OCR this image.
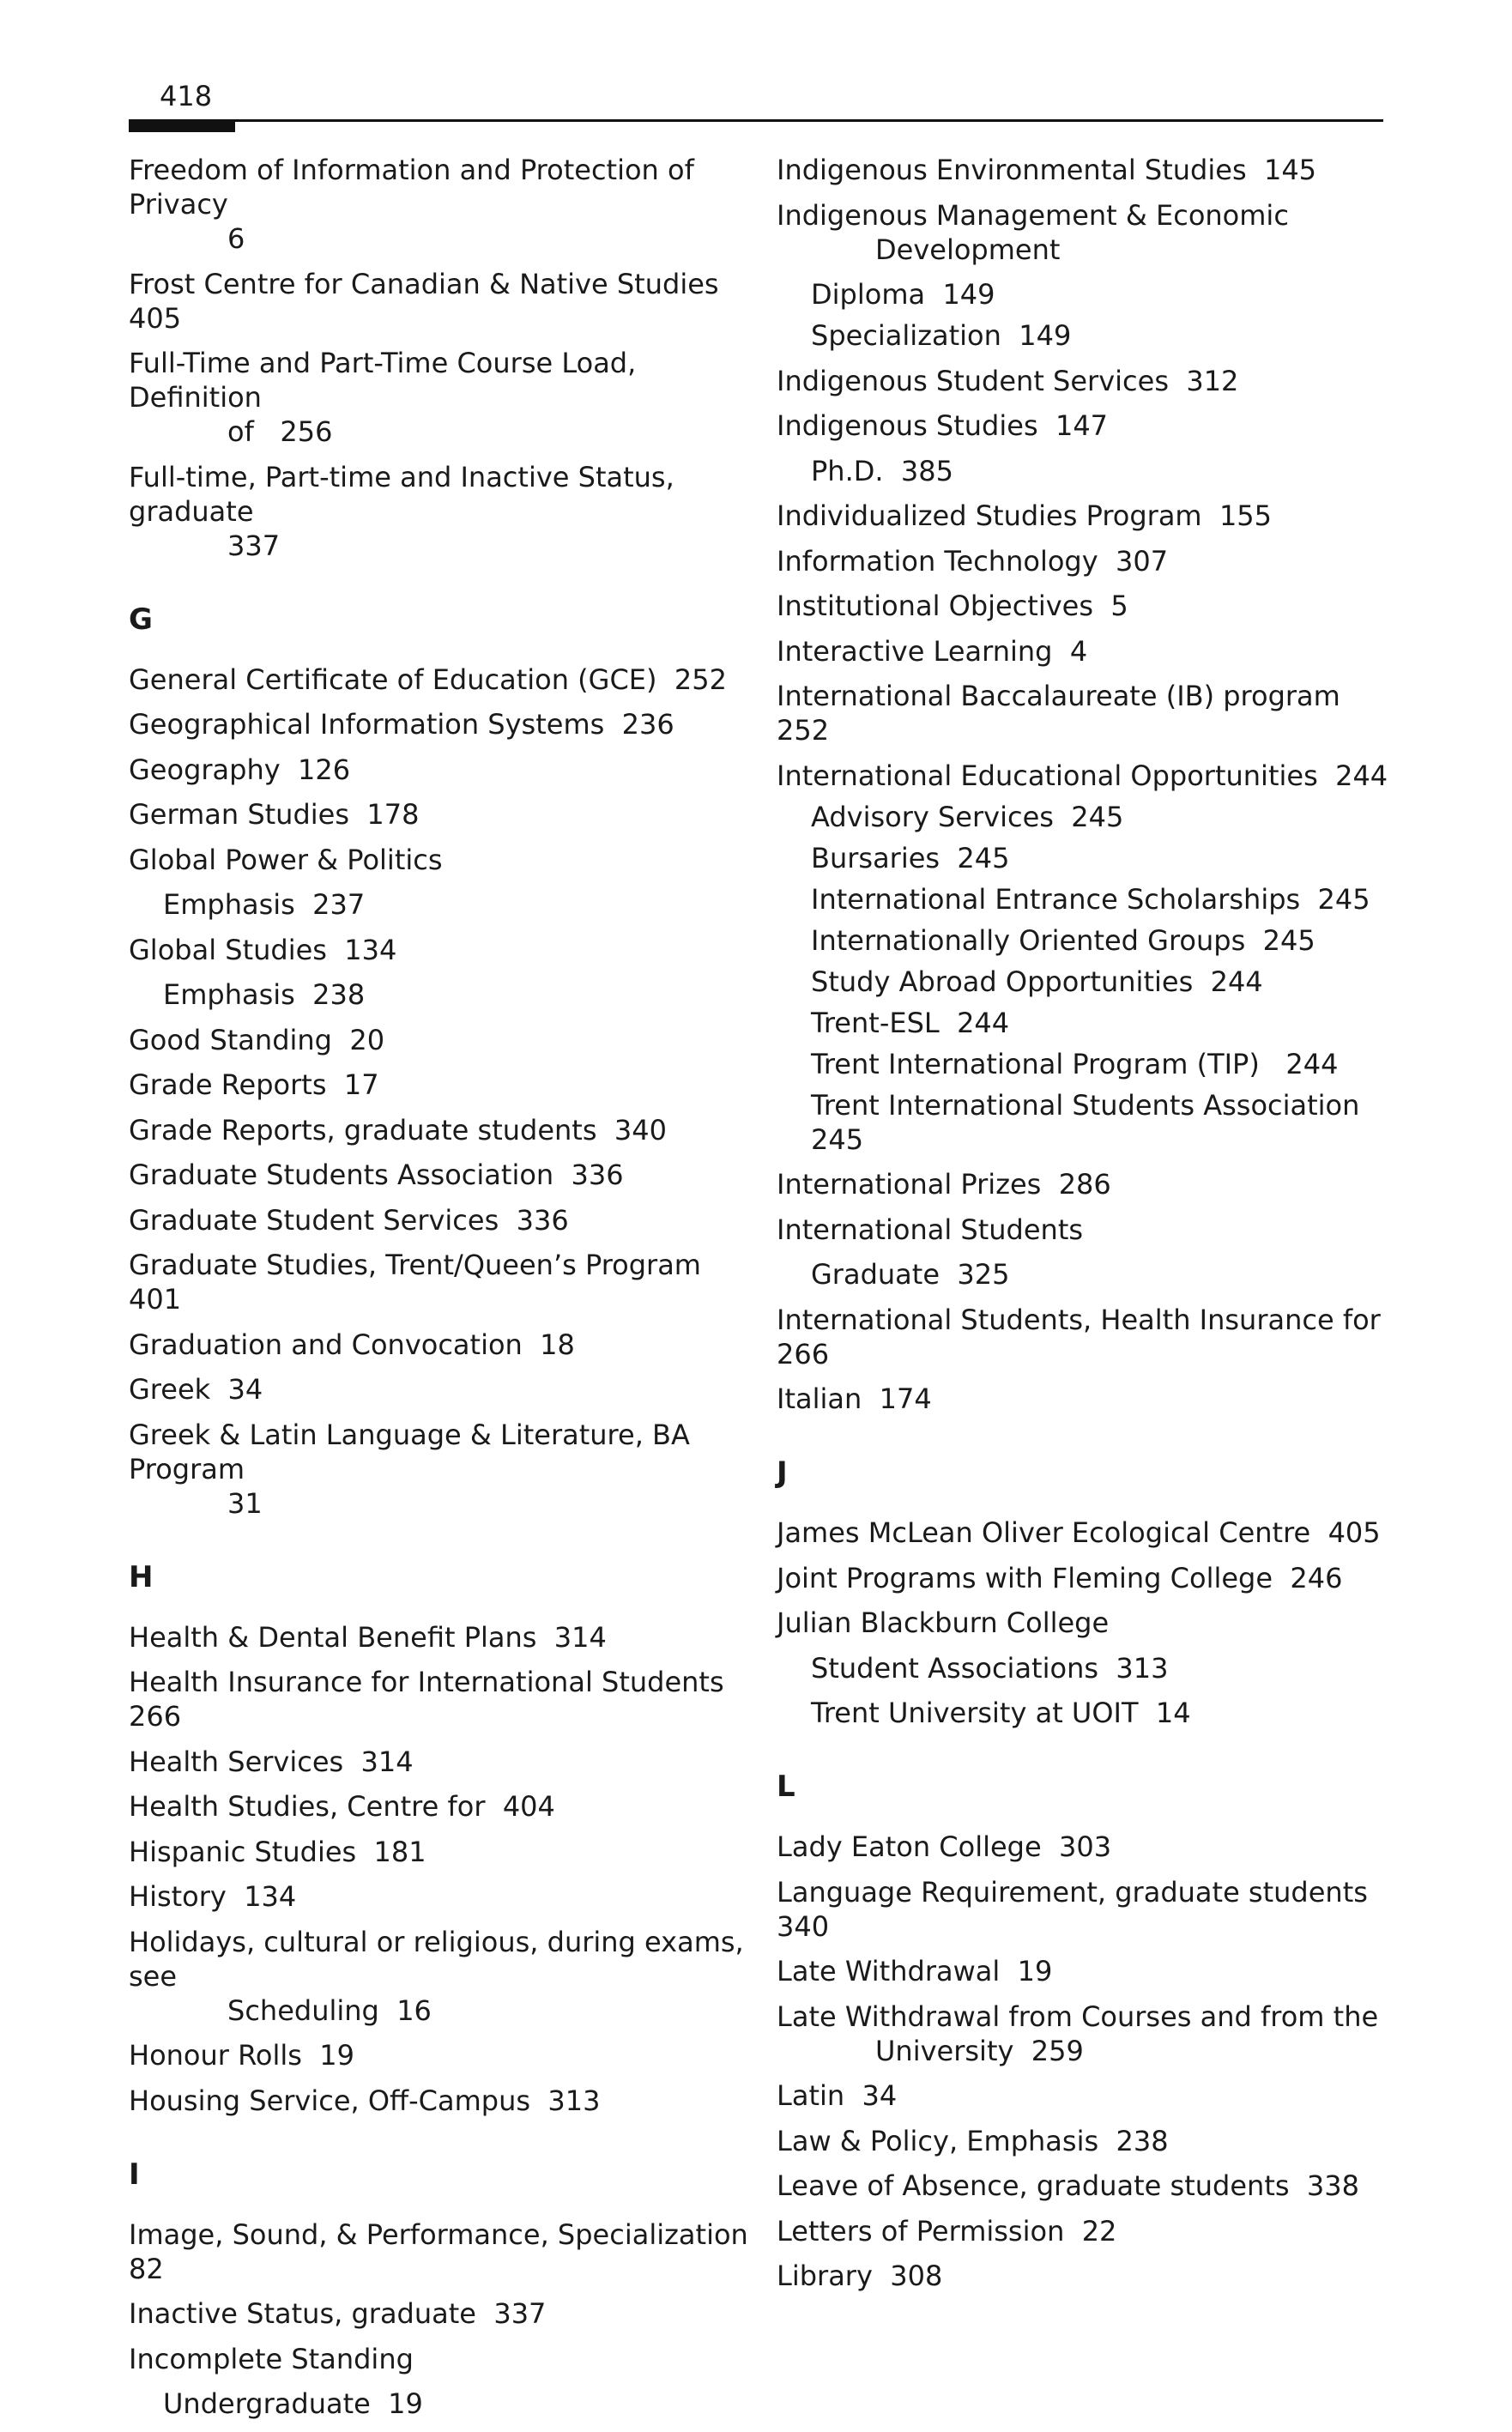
418
Freedom of Information and Protection of Privacy
6
Frost Centre for Canadian & Native Studies  405
Full-Time and Part-Time Course Load, Definition
of   256
Full-time, Part-time and Inactive Status, graduate
337
G
General Certificate of Education (GCE)  252
Geographical Information Systems  236
Geography  126
German Studies  178
Global Power & Politics
Emphasis  237
Global Studies  134
Emphasis  238
Good Standing  20
Grade Reports  17
Grade Reports, graduate students  340
Graduate Students Association  336
Graduate Student Services  336
Graduate Studies, Trent/Queen’s Program  401
Graduation and Convocation  18
Greek  34
Greek & Latin Language & Literature, BA Program
31
H
Health & Dental Benefit Plans  314
Health Insurance for International Students  266
Health Services  314
Health Studies, Centre for  404
Hispanic Studies  181
History  134
Holidays, cultural or religious, during exams, see
Scheduling  16
Honour Rolls  19
Housing Service, Off-Campus  313
I
Image, Sound, & Performance, Specialization  82
Inactive Status, graduate  337
Incomplete Standing
Undergraduate  19
Indigenous Environmental Studies  145
Indigenous Management & Economic
Development
Diploma  149
Specialization  149
Indigenous Student Services  312
Indigenous Studies  147
Ph.D.  385
Individualized Studies Program  155
Information Technology  307
Institutional Objectives  5
Interactive Learning  4
International Baccalaureate (IB) program  252
International Educational Opportunities  244
Advisory Services  245
Bursaries  245
International Entrance Scholarships  245
Internationally Oriented Groups  245
Study Abroad Opportunities  244
Trent-ESL  244
Trent International Program (TIP)   244
Trent International Students Association  245
International Prizes  286
International Students
Graduate  325
International Students, Health Insurance for  266
Italian  174
J
James McLean Oliver Ecological Centre  405
Joint Programs with Fleming College  246
Julian Blackburn College
Student Associations  313
Trent University at UOIT  14
L
Lady Eaton College  303
Language Requirement, graduate students  340
Late Withdrawal  19
Late Withdrawal from Courses and from the
University  259
Latin  34
Law & Policy, Emphasis  238
Leave of Absence, graduate students  338
Letters of Permission  22
Library  308
